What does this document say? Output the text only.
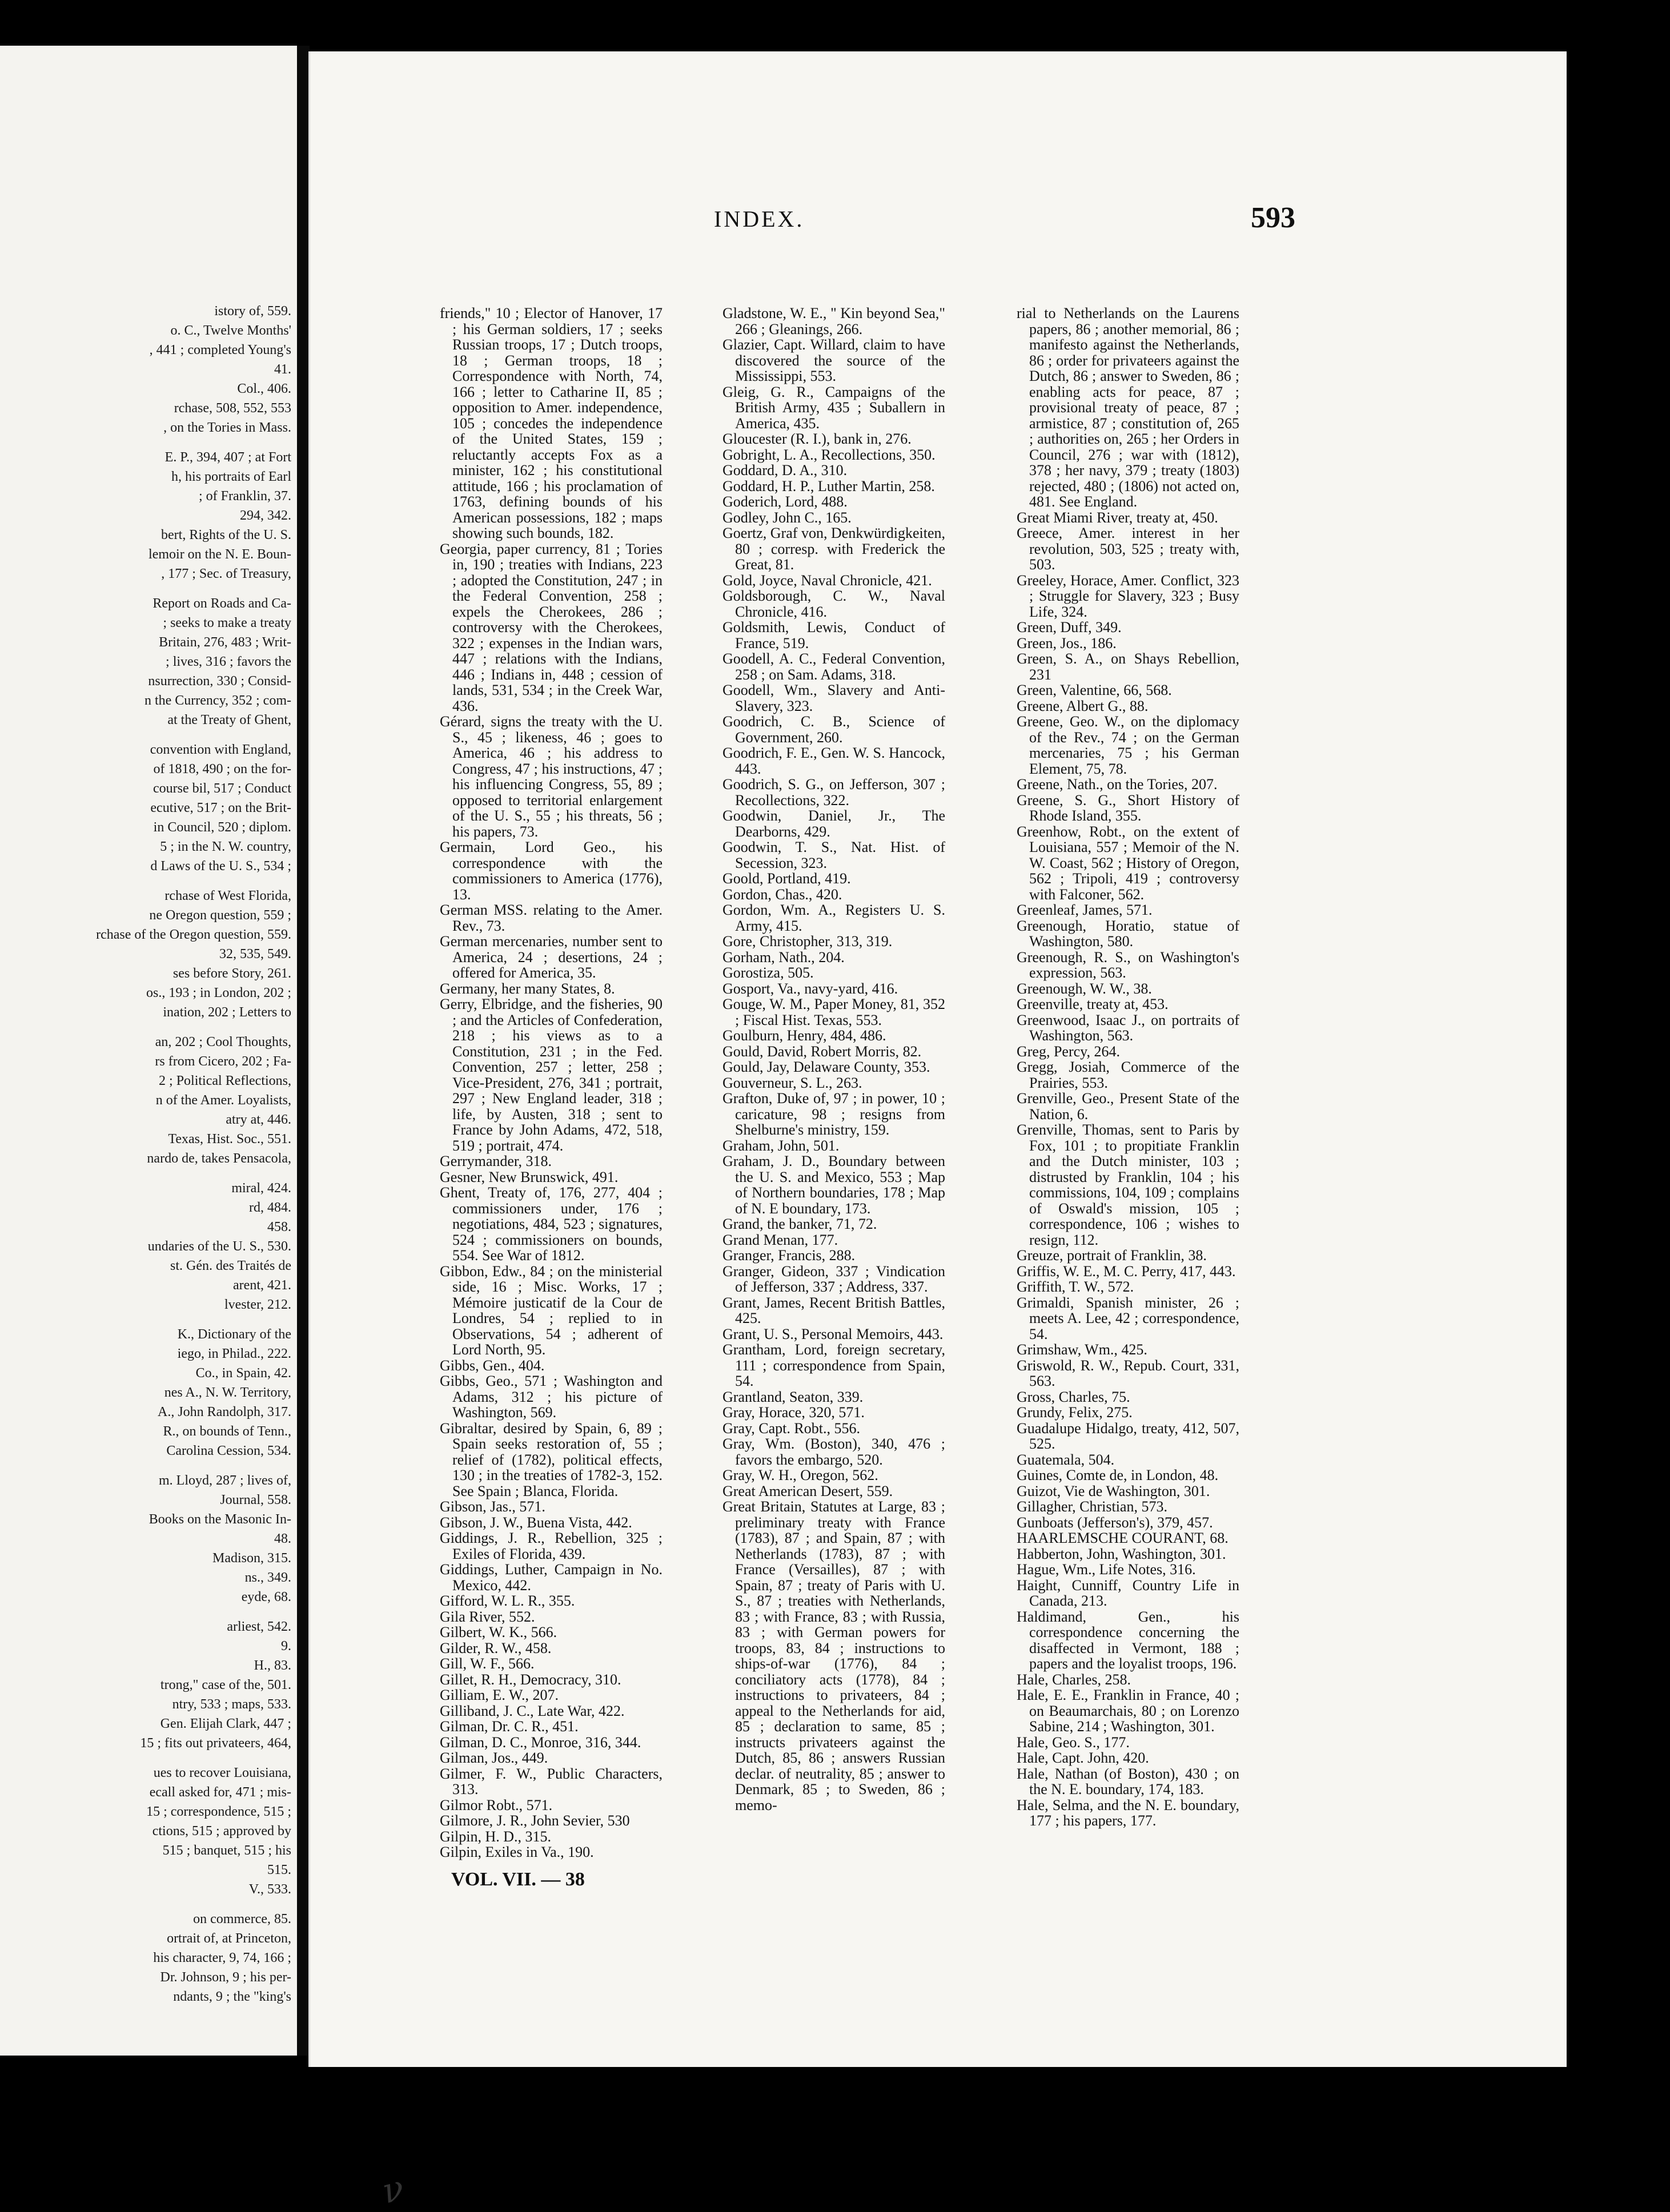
istory of, 559.
o. C., Twelve Months'
, 441 ; completed Young's
41.
Col., 406.
rchase, 508, 552, 553
, on the Tories in Mass.
E. P., 394, 407 ; at Fort
h, his portraits of Earl
; of Franklin, 37.
294, 342.
bert, Rights of the U. S.
lemoir on the N. E. Boun-
, 177 ; Sec. of Treasury,
Report on Roads and Ca-
; seeks to make a treaty
Britain, 276, 483 ; Writ-
; lives, 316 ; favors the
nsurrection, 330 ; Consid-
n the Currency, 352 ; com-
at the Treaty of Ghent,
convention with England,
of 1818, 490 ; on the for-
course bil, 517 ; Conduct
ecutive, 517 ; on the Brit-
in Council, 520 ; diplom.
5 ; in the N. W. country,
d Laws of the U. S., 534 ;
rchase of West Florida,
ne Oregon question, 559 ;
rchase of the Oregon question, 559.
32, 535, 549.
ses before Story, 261.
os., 193 ; in London, 202 ;
ination, 202 ; Letters to
an, 202 ; Cool Thoughts,
rs from Cicero, 202 ; Fa-
2 ; Political Reflections,
n of the Amer. Loyalists,
atry at, 446.
Texas, Hist. Soc., 551.
nardo de, takes Pensacola,
miral, 424.
rd, 484.
458.
undaries of the U. S., 530.
st. Gén. des Traités de
arent, 421.
lvester, 212.
K., Dictionary of the
iego, in Philad., 222.
Co., in Spain, 42.
nes A., N. W. Territory,
A., John Randolph, 317.
R., on bounds of Tenn.,
Carolina Cession, 534.
m. Lloyd, 287 ; lives of,
Journal, 558.
Books on the Masonic In-
48.
Madison, 315.
ns., 349.
eyde, 68.
arliest, 542.
9.
H., 83.
trong," case of the, 501.
ntry, 533 ; maps, 533.
Gen. Elijah Clark, 447 ;
15 ; fits out privateers, 464,
ues to recover Louisiana,
ecall asked for, 471 ; mis-
15 ; correspondence, 515 ;
ctions, 515 ; approved by
515 ; banquet, 515 ; his
515.
V., 533.
on commerce, 85.
ortrait of, at Princeton,
his character, 9, 74, 166 ;
Dr. Johnson, 9 ; his per-
ndants, 9 ; the "king's
INDEX.	593

friends," 10 ; Elector of Hanover, 17 ; his German soldiers, 17 ; seeks Russian troops, 17 ; Dutch troops, 18 ; German troops, 18 ; Correspondence with North, 74, 166 ; letter to Catharine II, 85 ; opposition to Amer. independence, 105 ; concedes the independence of the United States, 159 ; reluctantly accepts Fox as a minister, 162 ; his constitutional attitude, 166 ; his proclamation of 1763, defining bounds of his American possessions, 182 ; maps showing such bounds, 182.

Georgia, paper currency, 81 ; Tories in, 190 ; treaties with Indians, 223 ; adopted the Constitution, 247 ; in the Federal Convention, 258 ; expels the Cherokees, 286 ; controversy with the Cherokees, 322 ; expenses in the Indian wars, 447 ; relations with the Indians, 446 ; Indians in, 448 ; cession of lands, 531, 534 ; in the Creek War, 436.

Gérard, signs the treaty with the U. S., 45 ; likeness, 46 ; goes to America, 46 ; his address to Congress, 47 ; his instructions, 47 ; his influencing Congress, 55, 89 ; opposed to territorial enlargement of the U. S., 55 ; his threats, 56 ; his papers, 73.

Germain, Lord Geo., his correspondence with the commissioners to America (1776), 13.

German MSS. relating to the Amer. Rev., 73.

German mercenaries, number sent to America, 24 ; desertions, 24 ; offered for America, 35.

Germany, her many States, 8.

Gerry, Elbridge, and the fisheries, 90 ; and the Articles of Confederation, 218 ; his views as to a Constitution, 231 ; in the Fed. Convention, 257 ; letter, 258 ; Vice-President, 276, 341 ; portrait, 297 ; New England leader, 318 ; life, by Austen, 318 ; sent to France by John Adams, 472, 518, 519 ; portrait, 474.

Gerrymander, 318.

Gesner, New Brunswick, 491.

Ghent, Treaty of, 176, 277, 404 ; commissioners under, 176 ; negotiations, 484, 523 ; signatures, 524 ; commissioners on bounds, 554. See War of 1812.

Gibbon, Edw., 84 ; on the ministerial side, 16 ; Misc. Works, 17 ; Mémoire justicatif de la Cour de Londres, 54 ; replied to in Observations, 54 ; adherent of Lord North, 95.

Gibbs, Gen., 404.

Gibbs, Geo., 571 ; Washington and Adams, 312 ; his picture of Washington, 569.

Gibraltar, desired by Spain, 6, 89 ; Spain seeks restoration of, 55 ; relief of (1782), political effects, 130 ; in the treaties of 1782-3, 152. See Spain ; Blanca, Florida.

Gibson, Jas., 571.

Gibson, J. W., Buena Vista, 442.

Giddings, J. R., Rebellion, 325 ; Exiles of Florida, 439.

Giddings, Luther, Campaign in No. Mexico, 442.

Gifford, W. L. R., 355.

Gila River, 552.

Gilbert, W. K., 566.

Gilder, R. W., 458.

Gill, W. F., 566.

Gillet, R. H., Democracy, 310.

Gilliam, E. W., 207.

Gilliband, J. C., Late War, 422.

Gilman, Dr. C. R., 451.

Gilman, D. C., Monroe, 316, 344.

Gilman, Jos., 449.

Gilmer, F. W., Public Characters, 313.

Gilmor Robt., 571.

Gilmore, J. R., John Sevier, 530

Gilpin, H. D., 315.

Gilpin, Exiles in Va., 190.

Gladstone, W. E., " Kin beyond Sea," 266 ; Gleanings, 266.

Glazier, Capt. Willard, claim to have discovered the source of the Mississippi, 553.

Gleig, G. R., Campaigns of the British Army, 435 ; Suballern in America, 435.

Gloucester (R. I.), bank in, 276.

Gobright, L. A., Recollections, 350.

Goddard, D. A., 310.

Goddard, H. P., Luther Martin, 258.

Goderich, Lord, 488.

Godley, John C., 165.

Goertz, Graf von, Denkwürdigkeiten, 80 ; corresp. with Frederick the Great, 81.

Gold, Joyce, Naval Chronicle, 421.

Goldsborough, C. W., Naval Chronicle, 416.

Goldsmith, Lewis, Conduct of France, 519.

Goodell, A. C., Federal Convention, 258 ; on Sam. Adams, 318.

Goodell, Wm., Slavery and Anti-Slavery, 323.

Goodrich, C. B., Science of Government, 260.

Goodrich, F. E., Gen. W. S. Hancock, 443.

Goodrich, S. G., on Jefferson, 307 ; Recollections, 322.

Goodwin, Daniel, Jr., The Dearborns, 429.

Goodwin, T. S., Nat. Hist. of Secession, 323.

Goold, Portland, 419.

Gordon, Chas., 420.

Gordon, Wm. A., Registers U. S. Army, 415.

Gore, Christopher, 313, 319.

Gorham, Nath., 204.

Gorostiza, 505.

Gosport, Va., navy-yard, 416.

Gouge, W. M., Paper Money, 81, 352 ; Fiscal Hist. Texas, 553.

Goulburn, Henry, 484, 486.

Gould, David, Robert Morris, 82.

Gould, Jay, Delaware County, 353.

Gouverneur, S. L., 263.

Grafton, Duke of, 97 ; in power, 10 ; caricature, 98 ; resigns from Shelburne's ministry, 159.

Graham, John, 501.

Graham, J. D., Boundary between the U. S. and Mexico, 553 ; Map of Northern boundaries, 178 ; Map of N. E boundary, 173.

Grand, the banker, 71, 72.

Grand Menan, 177.

Granger, Francis, 288.

Granger, Gideon, 337 ; Vindication of Jefferson, 337 ; Address, 337.

Grant, James, Recent British Battles, 425.

Grant, U. S., Personal Memoirs, 443.

Grantham, Lord, foreign secretary, 111 ; correspondence from Spain, 54.

Grantland, Seaton, 339.

Gray, Horace, 320, 571.

Gray, Capt. Robt., 556.

Gray, Wm. (Boston), 340, 476 ; favors the embargo, 520.

Gray, W. H., Oregon, 562.

Great American Desert, 559.

Great Britain, Statutes at Large, 83 ; preliminary treaty with France (1783), 87 ; and Spain, 87 ; with Netherlands (1783), 87 ; with France (Versailles), 87 ; with Spain, 87 ; treaty of Paris with U. S., 87 ; treaties with Netherlands, 83 ; with France, 83 ; with Russia, 83 ; with German powers for troops, 83, 84 ; instructions to ships-of-war (1776), 84 ; conciliatory acts (1778), 84 ; instructions to privateers, 84 ; appeal to the Netherlands for aid, 85 ; declaration to same, 85 ; instructs privateers against the Dutch, 85, 86 ; answers Russian declar. of neutrality, 85 ; answer to Denmark, 85 ; to Sweden, 86 ; memo-

rial to Netherlands on the Laurens papers, 86 ; another memorial, 86 ; manifesto against the Netherlands, 86 ; order for privateers against the Dutch, 86 ; answer to Sweden, 86 ; enabling acts for peace, 87 ; provisional treaty of peace, 87 ; armistice, 87 ; constitution of, 265 ; authorities on, 265 ; her Orders in Council, 276 ; war with (1812), 378 ; her navy, 379 ; treaty (1803) rejected, 480 ; (1806) not acted on, 481. See England.

Great Miami River, treaty at, 450.

Greece, Amer. interest in her revolution, 503, 525 ; treaty with, 503.

Greeley, Horace, Amer. Conflict, 323 ; Struggle for Slavery, 323 ; Busy Life, 324.

Green, Duff, 349.

Green, Jos., 186.

Green, S. A., on Shays Rebellion, 231

Green, Valentine, 66, 568.

Greene, Albert G., 88.

Greene, Geo. W., on the diplomacy of the Rev., 74 ; on the German mercenaries, 75 ; his German Element, 75, 78.

Greene, Nath., on the Tories, 207.

Greene, S. G., Short History of Rhode Island, 355.

Greenhow, Robt., on the extent of Louisiana, 557 ; Memoir of the N. W. Coast, 562 ; History of Oregon, 562 ; Tripoli, 419 ; controversy with Falconer, 562.

Greenleaf, James, 571.

Greenough, Horatio, statue of Washington, 580.

Greenough, R. S., on Washington's expression, 563.

Greenough, W. W., 38.

Greenville, treaty at, 453.

Greenwood, Isaac J., on portraits of Washington, 563.

Greg, Percy, 264.

Gregg, Josiah, Commerce of the Prairies, 553.

Grenville, Geo., Present State of the Nation, 6.

Grenville, Thomas, sent to Paris by Fox, 101 ; to propitiate Franklin and the Dutch minister, 103 ; distrusted by Franklin, 104 ; his commissions, 104, 109 ; complains of Oswald's mission, 105 ; correspondence, 106 ; wishes to resign, 112.

Greuze, portrait of Franklin, 38.

Griffis, W. E., M. C. Perry, 417, 443.

Griffith, T. W., 572.

Grimaldi, Spanish minister, 26 ; meets A. Lee, 42 ; correspondence, 54.

Grimshaw, Wm., 425.

Griswold, R. W., Repub. Court, 331, 563.

Gross, Charles, 75.

Grundy, Felix, 275.

Guadalupe Hidalgo, treaty, 412, 507, 525.

Guatemala, 504.

Guines, Comte de, in London, 48.

Guizot, Vie de Washington, 301.

Gillagher, Christian, 573.

Gunboats (Jefferson's), 379, 457.

HAARLEMSCHE COURANT, 68.

Habberton, John, Washington, 301.

Hague, Wm., Life Notes, 316.

Haight, Cunniff, Country Life in Canada, 213.

Haldimand, Gen., his correspondence concerning the disaffected in Vermont, 188 ; papers and the loyalist troops, 196.

Hale, Charles, 258.

Hale, E. E., Franklin in France, 40 ; on Beaumarchais, 80 ; on Lorenzo Sabine, 214 ; Washington, 301.

Hale, Geo. S., 177.

Hale, Capt. John, 420.

Hale, Nathan (of Boston), 430 ; on the N. E. boundary, 174, 183.

Hale, Selma, and the N. E. boundary, 177 ; his papers, 177.

VOL. VII. — 38
ν
